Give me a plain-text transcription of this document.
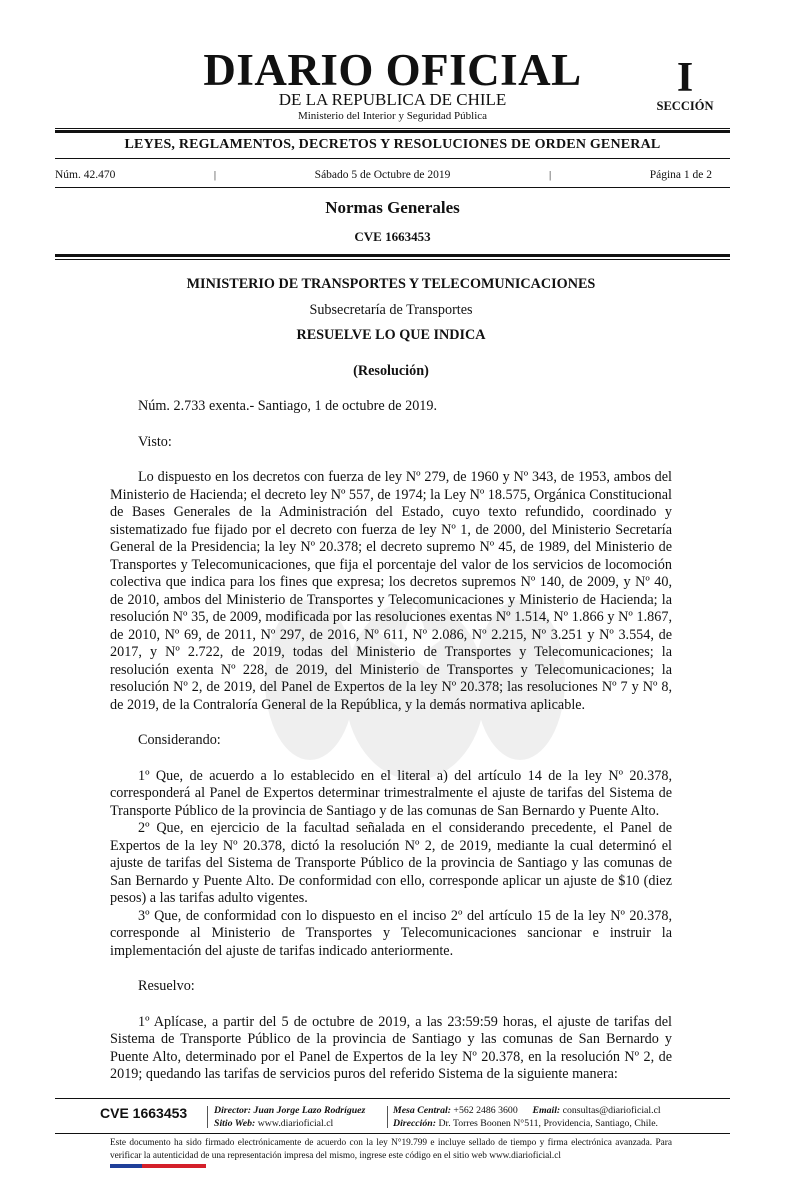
DIARIO OFICIAL
DE LA REPUBLICA DE CHILE
Ministerio del Interior y Seguridad Pública
I
SECCIÓN
LEYES, REGLAMENTOS, DECRETOS Y RESOLUCIONES DE ORDEN GENERAL
Núm. 42.470	|	Sábado 5 de Octubre de 2019	|	Página 1 de 2
Normas Generales
CVE 1663453

MINISTERIO DE TRANSPORTES Y TELECOMUNICACIONES

Subsecretaría de Transportes

RESUELVE LO QUE INDICA

(Resolución)

Núm. 2.733 exenta.- Santiago, 1 de octubre de 2019.

Visto:

Lo dispuesto en los decretos con fuerza de ley Nº 279, de 1960 y Nº 343, de 1953, ambos del Ministerio de Hacienda; el decreto ley Nº 557, de 1974; la Ley Nº 18.575, Orgánica Constitucional de Bases Generales de la Administración del Estado, cuyo texto refundido, coordinado y sistematizado fue fijado por el decreto con fuerza de ley Nº 1, de 2000, del Ministerio Secretaría General de la Presidencia; la ley Nº 20.378; el decreto supremo Nº 45, de 1989, del Ministerio de Transportes y Telecomunicaciones, que fija el porcentaje del valor de los servicios de locomoción colectiva que indica para los fines que expresa; los decretos supremos Nº 140, de 2009, y Nº 40, de 2010, ambos del Ministerio de Transportes y Telecomunicaciones y Ministerio de Hacienda; la resolución Nº 35, de 2009, modificada por las resoluciones exentas Nº 1.514, Nº 1.866 y Nº 1.867, de 2010, Nº 69, de 2011, Nº 297, de 2016, Nº 611, Nº 2.086, Nº 2.215, Nº 3.251 y Nº 3.554, de 2017, y Nº 2.722, de 2019, todas del Ministerio de Transportes y Telecomunicaciones; la resolución exenta Nº 228, de 2019, del Ministerio de Transportes y Telecomunicaciones; la resolución Nº 2, de 2019, del Panel de Expertos de la ley Nº 20.378; las resoluciones Nº 7 y Nº 8, de 2019, de la Contraloría General de la República, y la demás normativa aplicable.

Considerando:

1º Que, de acuerdo a lo establecido en el literal a) del artículo 14 de la ley Nº 20.378, corresponderá al Panel de Expertos determinar trimestralmente el ajuste de tarifas del Sistema de Transporte Público de la provincia de Santiago y de las comunas de San Bernardo y Puente Alto.

2º Que, en ejercicio de la facultad señalada en el considerando precedente, el Panel de Expertos de la ley Nº 20.378, dictó la resolución Nº 2, de 2019, mediante la cual determinó el ajuste de tarifas del Sistema de Transporte Público de la provincia de Santiago y las comunas de San Bernardo y Puente Alto. De conformidad con ello, corresponde aplicar un ajuste de $10 (diez pesos) a las tarifas adulto vigentes.

3º Que, de conformidad con lo dispuesto en el inciso 2º del artículo 15 de la ley Nº 20.378, corresponde al Ministerio de Transportes y Telecomunicaciones sancionar e instruir la implementación del ajuste de tarifas indicado anteriormente.

Resuelvo:

1º Aplícase, a partir del 5 de octubre de 2019, a las 23:59:59 horas, el ajuste de tarifas del Sistema de Transporte Público de la provincia de Santiago y las comunas de San Bernardo y Puente Alto, determinado por el Panel de Expertos de la ley Nº 20.378, en la resolución Nº 2, de 2019; quedando las tarifas de servicios puros del referido Sistema de la siguiente manera:

CVE 1663453	Director: Juan Jorge Lazo Rodríguez
Sitio Web: www.diarioficial.cl
Mesa Central: +562 2486 3600 Email: consultas@diarioficial.cl
Dirección: Dr. Torres Boonen N°511, Providencia, Santiago, Chile.
Este documento ha sido firmado electrónicamente de acuerdo con la ley N°19.799 e incluye sellado de tiempo y firma electrónica avanzada. Para verificar la autenticidad de una representación impresa del mismo, ingrese este código en el sitio web www.diarioficial.cl
